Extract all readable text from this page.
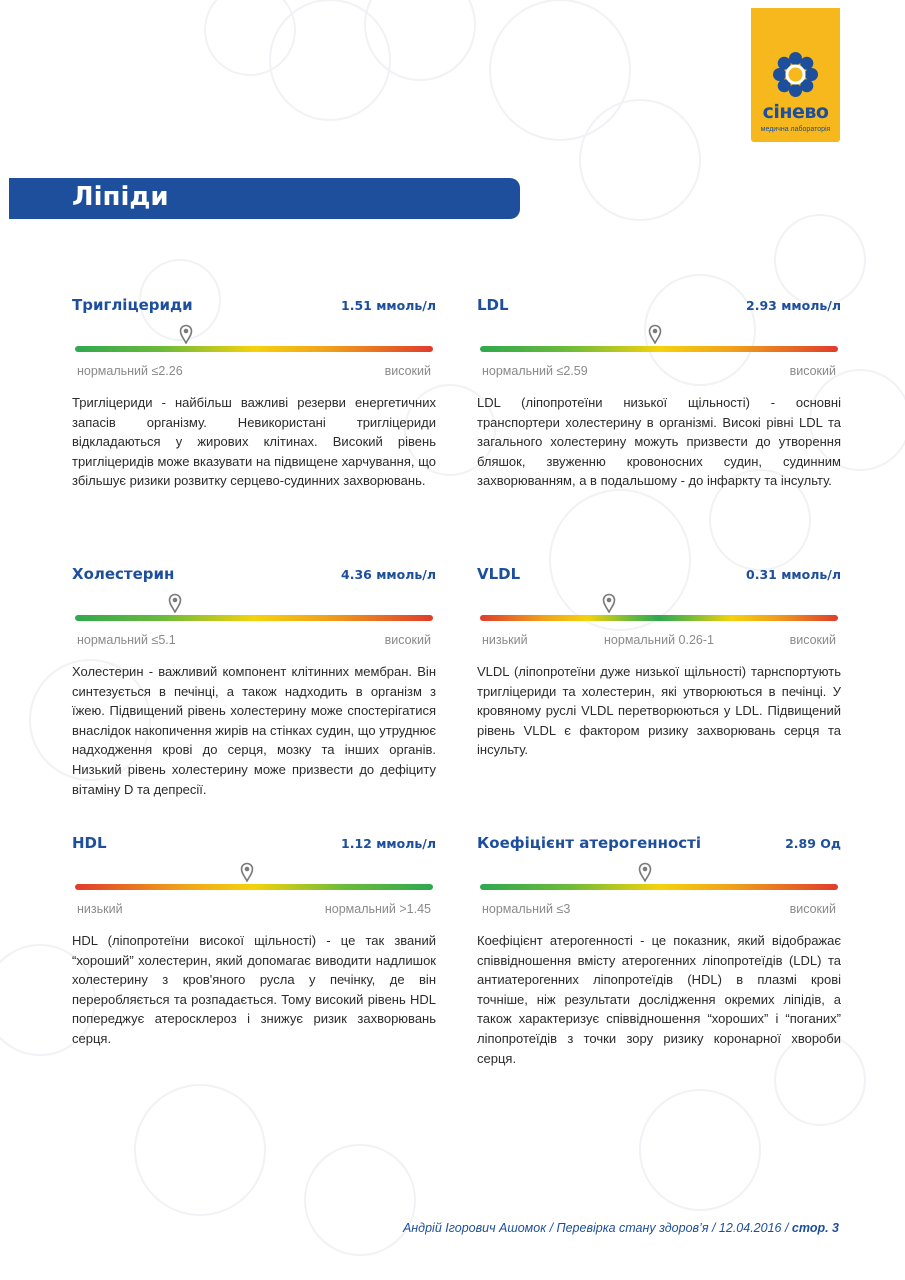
сінево
медична лабораторія
Ліпіди
Тригліцериди	1.51 ммоль/л
нормальний ≤2.26	високий
Тригліцериди - найбільш важливі резерви енергетичних запасів організму. Невикористані тригліцериди відкладаються у жирових клітинах. Високий рівень тригліцеридів може вказувати на підвищене харчування, що збільшує ризики розвитку серцево-судинних захворювань.
LDL	2.93 ммоль/л
нормальний ≤2.59	високий
LDL (ліпопротеїни низької щільності) - основні транспортери холестерину в організмі. Високі рівні LDL та загального холестерину можуть призвести до утворення бляшок, звуженню кровоносних судин, судинним захворюванням, а в подальшому - до інфаркту та інсульту.
Холестерин	4.36 ммоль/л
нормальний ≤5.1	високий
Холестерин - важливий компонент клітинних мембран. Він синтезується в печінці, а також надходить в організм з їжею. Підвищений рівень холестерину може спостерігатися внаслідок накопичення жирів на стінках судин, що утруднює надходження крові до серця, мозку та інших органів. Низький рівень холестерину може призвести до дефіциту вітаміну D та депресії.
VLDL	0.31 ммоль/л
низький	нормальний 0.26-1	високий
VLDL (ліпопротеїни дуже низької щільності) тарнспортують тригліцериди та холестерин, які утворюються в печінці. У кровяному руслі VLDL перетворюються у LDL. Підвищений рівень VLDL є фактором ризику захворювань серця та інсульту.
HDL	1.12 ммоль/л
низький	нормальний >1.45
HDL (ліпопротеїни високої щільності) - це так званий “хороший” холестерин, який допомагає виводити надлишок холестерину з кров'яного русла у печінку, де він переробляється та розпадається. Тому високий рівень HDL попереджує атеросклероз і знижує ризик захворювань серця.
Коефіцієнт атерогенності	2.89 Од
нормальний ≤3	високий
Коефіцієнт атерогенності - це показник, який відображає співвідношення вмісту атерогенних ліпопротеїдів (LDL) та антиатерогенних ліпопротеїдів (HDL) в плазмі крові точніше, ніж результати дослідження окремих ліпідів, а також характеризує співвідношення “хороших” і “поганих” ліпопротеїдів з точки зору ризику коронарної хвороби серця.
Андрій Ігорович Ашомок / Перевірка стану здоров’я / 12.04.2016 / стор. 3
